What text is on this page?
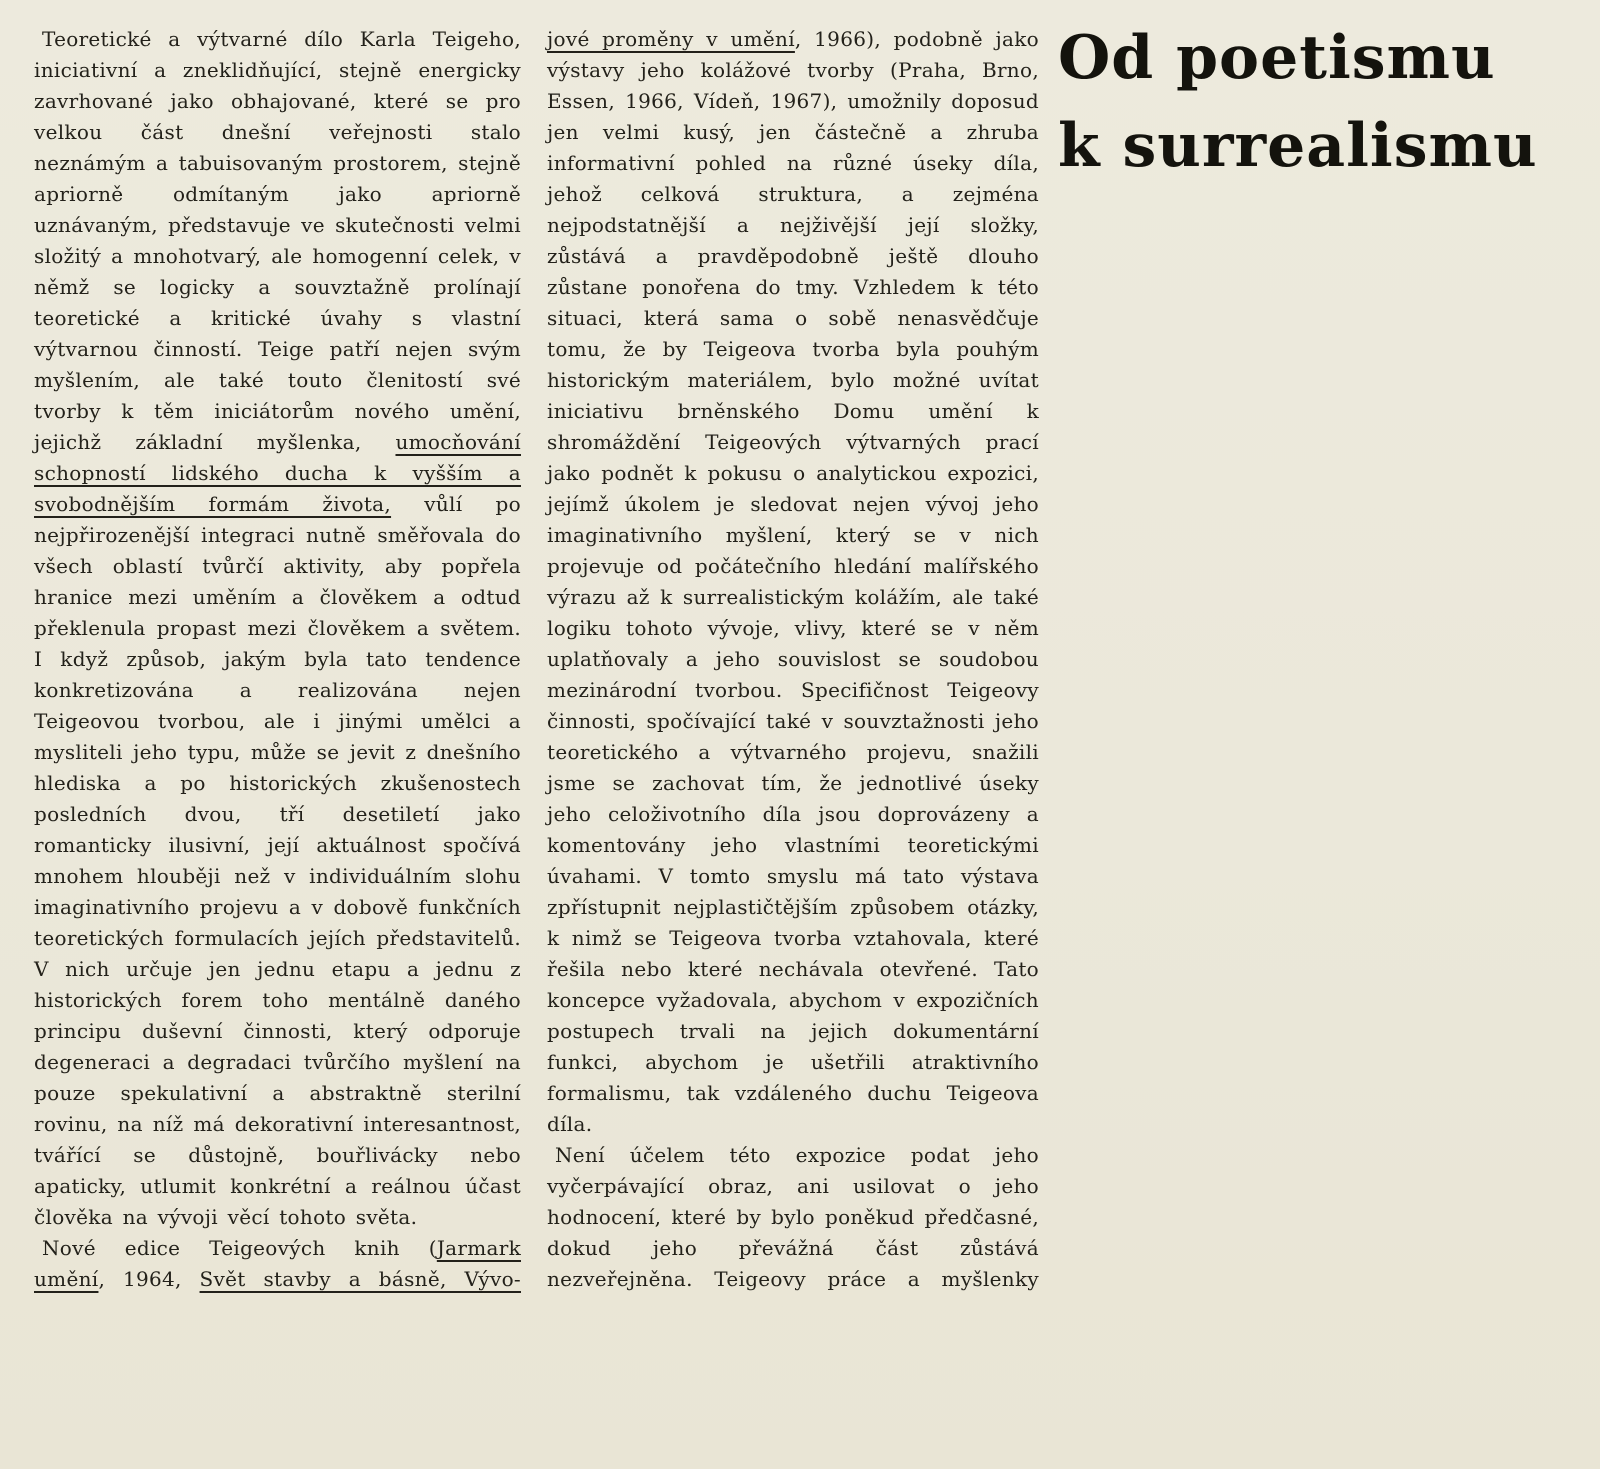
Teoretické a výtvarné dílo Karla Teigeho, iniciativní a zneklidňující, stejně energicky zavrhované jako obhajované, které se pro velkou část dnešní veřejnosti stalo neznámým a tabuisovaným prostorem, stejně apriorně odmítaným jako apriorně uznávaným, představuje ve skutečnosti velmi složitý a mnohotvarý, ale homogenní celek, v němž se logicky a souvztažně prolínají teoretické a kritické úvahy s vlastní výtvarnou činností. Teige patří nejen svým myšlením, ale také touto členitostí své tvorby k těm iniciátorům nového umění, jejichž základní myšlenka, umocňování schopností lidského ducha k vyšším a svobodnějším formám života, vůlí po nejpřirozenější integraci nutně směřovala do všech oblastí tvůrčí aktivity, aby popřela hranice mezi uměním a člověkem a odtud překlenula propast mezi člověkem a světem. I když způsob, jakým byla tato tendence konkretizována a realizována nejen Teigeovou tvorbou, ale i jinými umělci a mysliteli jeho typu, může se jevit z dnešního hlediska a po historických zkušenostech posledních dvou, tří desetiletí jako romanticky ilusivní, její aktuálnost spočívá mnohem hlouběji než v individuálním slohu imaginativního projevu a v dobově funkčních teoretických formulacích jejích představitelů. V nich určuje jen jednu etapu a jednu z historických forem toho mentálně daného principu duševní činnosti, který odporuje degeneraci a degradaci tvůrčího myšlení na pouze spekulativní a abstraktně sterilní rovinu, na níž má dekorativní interesantnost, tvářící se důstojně, bouřlivácky nebo apaticky, utlumit konkrétní a reálnou účast člověka na vývoji věcí tohoto světa.

Nové edice Teigeových knih (Jarmark umění, 1964, Svět stavby a básně, Vývo-

jové proměny v umění, 1966), podobně jako výstavy jeho kolážové tvorby (Praha, Brno, Essen, 1966, Vídeň, 1967), umožnily doposud jen velmi kusý, jen částečně a zhruba informativní pohled na různé úseky díla, jehož celková struktura, a zejména nejpodstatnější a nejživější její složky, zůstává a pravděpodobně ještě dlouho zůstane ponořena do tmy. Vzhledem k této situaci, která sama o sobě nenasvědčuje tomu, že by Teigeova tvorba byla pouhým historickým materiálem, bylo možné uvítat iniciativu brněnského Domu umění k shromáždění Teigeových výtvarných prací jako podnět k pokusu o analytickou expozici, jejímž úkolem je sledovat nejen vývoj jeho imaginativního myšlení, který se v nich projevuje od počátečního hledání malířského výrazu až k surrealistickým kolážím, ale také logiku tohoto vývoje, vlivy, které se v něm uplatňovaly a jeho souvislost se soudobou mezinárodní tvorbou. Specifičnost Teigeovy činnosti, spočívající také v souvztažnosti jeho teoretického a výtvarného projevu, snažili jsme se zachovat tím, že jednotlivé úseky jeho celoživotního díla jsou doprovázeny a komentovány jeho vlastními teoretickými úvahami. V tomto smyslu má tato výstava zpřístupnit nejplastičtějším způsobem otázky, k nimž se Teigeova tvorba vztahovala, které řešila nebo které nechávala otevřené. Tato koncepce vyžadovala, abychom v expozičních postupech trvali na jejich dokumentární funkci, abychom je ušetřili atraktivního formalismu, tak vzdáleného duchu Teigeova díla.

Není účelem této expozice podat jeho vyčerpávající obraz, ani usilovat o jeho hodnocení, které by bylo poněkud předčasné, dokud jeho převážná část zůstává nezveřejněna. Teigeovy práce a myšlenky

Od poetismu
k surrealismu
